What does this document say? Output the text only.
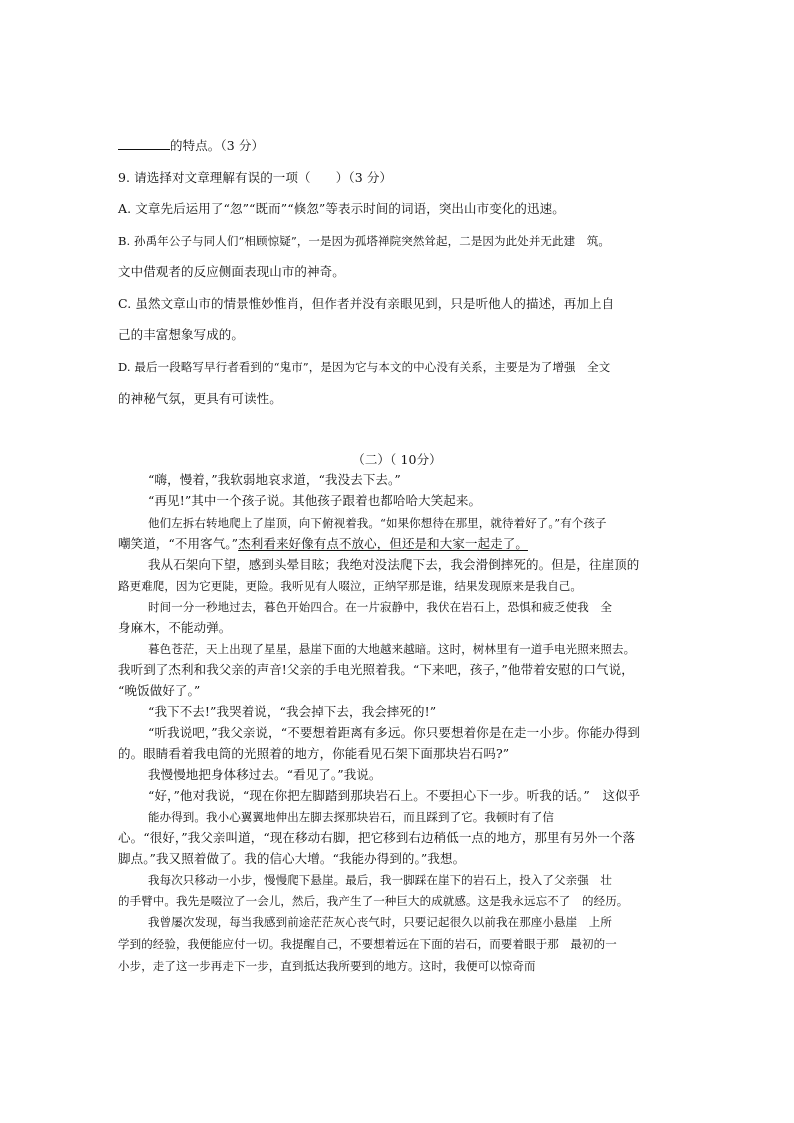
的特点。（3 分）
9. 请选择对文章理解有误的一项（　　）（3 分）
A. 文章先后运用了“忽”“既而”“倏忽”等表示时间的词语，突出山市变化的迅速。
B. 孙禹年公子与同人们“相顾惊疑”，一是因为孤塔禅院突然耸起，二是因为此处并无此建　筑。
文中借观者的反应侧面表现山市的神奇。
C. 虽然文章山市的情景惟妙惟肖，但作者并没有亲眼见到，只是听他人的描述，再加上自
己的丰富想象写成的。
D. 最后一段略写早行者看到的“鬼市”，是因为它与本文的中心没有关系，主要是为了增强　全文
的神秘气氛，更具有可读性。
（二）（ 10分）
“嗨，慢着，”我软弱地哀求道，“我没去下去。”
“再见!”其中一个孩子说。其他孩子跟着也都哈哈大笑起来。
他们左拆右转地爬上了崖顶，向下俯视着我。“如果你想待在那里，就待着好了。”有个孩子
嘲笑道，“不用客气。”杰利看来好像有点不放心，但还是和大家一起走了。
我从石架向下望，感到头晕目眩；我绝对没法爬下去，我会滑倒摔死的。但是，往崖顶的
路更难爬，因为它更陡，更险。我听见有人啜泣，正纳罕那是谁，结果发现原来是我自己。
时间一分一秒地过去，暮色开始四合。在一片寂静中，我伏在岩石上，恐惧和疲乏使我　全
身麻木，不能动弹。
暮色苍茫，天上出现了星星，悬崖下面的大地越来越暗。这时，树林里有一道手电光照来照去。
我听到了杰利和我父亲的声音!父亲的手电光照着我。“下来吧，孩子，”他带着安慰的口气说，
“晚饭做好了。”
“我下不去!”我哭着说，“我会掉下去，我会摔死的!”
“听我说吧，”我父亲说，“不要想着距离有多远。你只要想着你是在走一小步。你能办得到
的。眼睛看着我电筒的光照着的地方，你能看见石架下面那块岩石吗?”
我慢慢地把身体移过去。“看见了。”我说。
“好，”他对我说，“现在你把左脚踏到那块岩石上。不要担心下一步。听我的话。”　这似乎
能办得到。我小心翼翼地伸出左脚去探那块岩石，而且踩到了它。我顿时有了信
心。“很好，”我父亲叫道，“现在移动右脚，把它移到右边稍低一点的地方，那里有另外一个落
脚点。”我又照着做了。我的信心大增。“我能办得到的。”我想。
我每次只移动一小步，慢慢爬下悬崖。最后，我一脚踩在崖下的岩石上，投入了父亲强　壮
的手臂中。我先是啜泣了一会儿，然后，我产生了一种巨大的成就感。这是我永远忘不了　的经历。
我曾屡次发现，每当我感到前途茫茫灰心丧气时，只要记起很久以前我在那座小悬崖　上所
学到的经验，我便能应付一切。我提醒自己，不要想着远在下面的岩石，而要着眼于那　最初的一
小步，走了这一步再走下一步，直到抵达我所要到的地方。这时，我便可以惊奇而
